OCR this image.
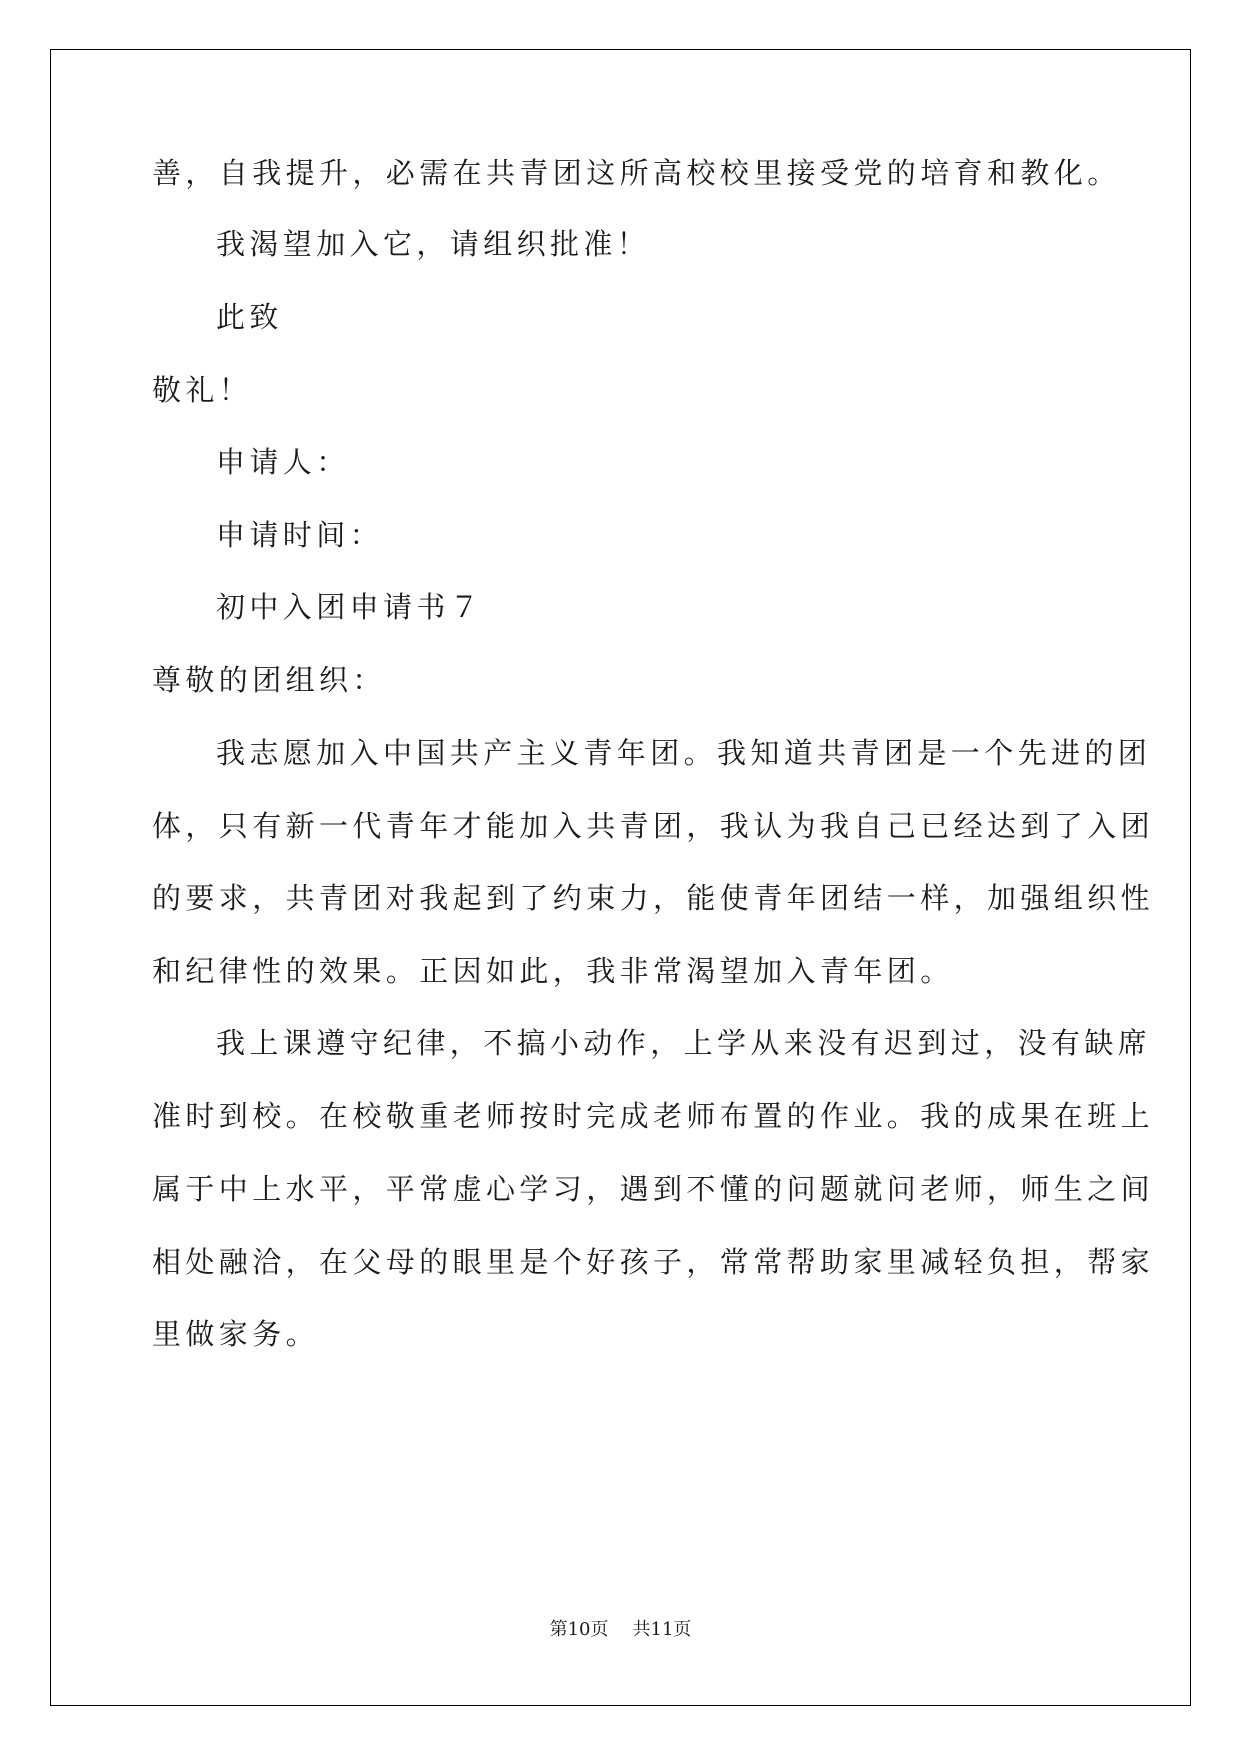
善，自我提升，必需在共青团这所高校校里接受党的培育和教化。

我渴望加入它，请组织批准！

此致

敬礼！

申请人：

申请时间：

初中入团申请书７

尊敬的团组织：

我志愿加入中国共产主义青年团。我知道共青团是一个先进的团

体，只有新一代青年才能加入共青团，我认为我自己已经达到了入团

的要求，共青团对我起到了约束力，能使青年团结一样，加强组织性

和纪律性的效果。正因如此，我非常渴望加入青年团。

我上课遵守纪律，不搞小动作，上学从来没有迟到过，没有缺席

准时到校。在校敬重老师按时完成老师布置的作业。我的成果在班上

属于中上水平，平常虚心学习，遇到不懂的问题就问老师，师生之间

相处融洽，在父母的眼里是个好孩子，常常帮助家里减轻负担，帮家

里做家务。

第10页 共11页
